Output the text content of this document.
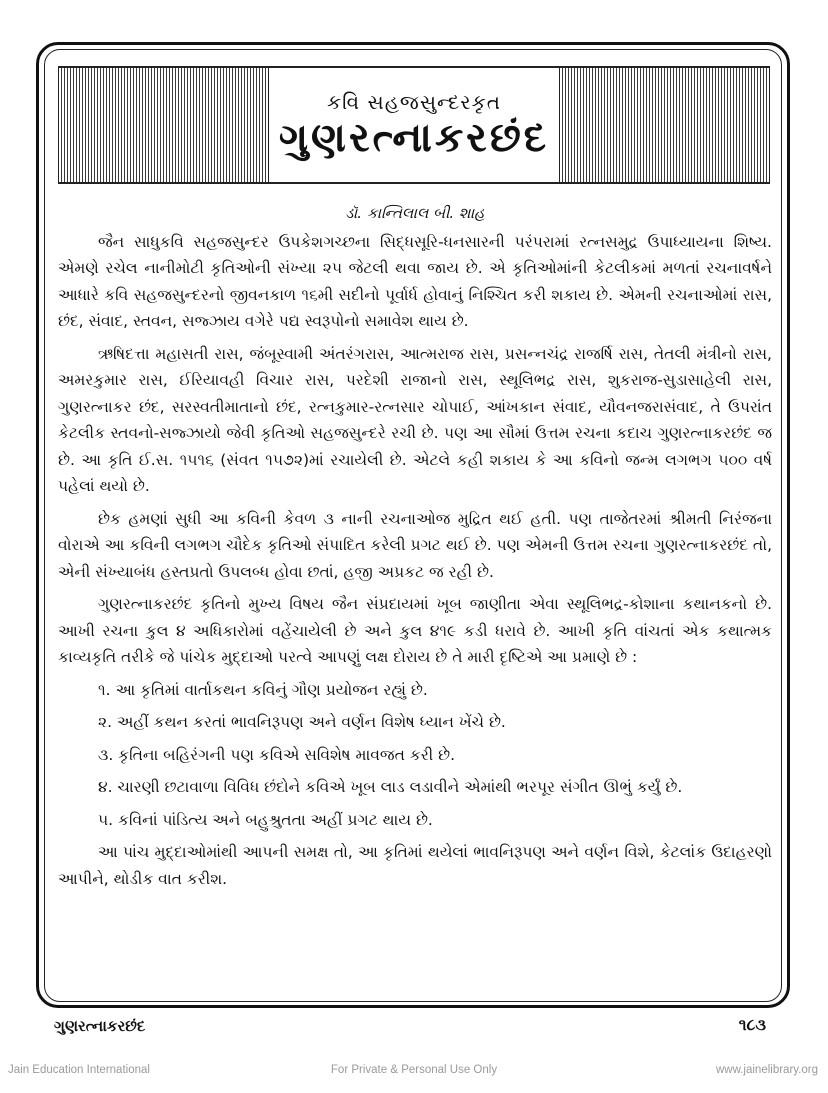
કવિ સહજસુન્દરકૃત
ગુણરત્નાકરછંદ
ડૉ. કાન્તિલાલ બી. શાહ

જૈન સાધુકવિ સહજસુન્દર ઉપકેશગચ્છના સિદ્ધસૂરિ-ધનસારની પરંપરામાં રત્નસમુદ્ર ઉપાધ્યાયના શિષ્ય. એમણે રચેલ નાનીમોટી કૃતિઓની સંખ્યા ૨૫ જેટલી થવા જાય છે. એ કૃતિઓમાંની કેટલીકમાં મળતાં રચનાવર્ષને આધારે કવિ સહજસુન્દરનો જીવનકાળ ૧૬મી સદીનો પૂર્વાર્ધ હોવાનું નિશ્ચિત કરી શકાય છે. એમની રચનાઓમાં રાસ, છંદ, સંવાદ, સ્તવન, સજ્ઝાય વગેરે પદ્ય સ્વરૂપોનો સમાવેશ થાય છે.

ઋષિદત્તા મહાસતી રાસ, જંબૂસ્વામી અંતરંગરાસ, આત્મરાજ રાસ, પ્રસન્નચંદ્ર રાજર્ષિ રાસ, તેતલી મંત્રીનો રાસ, અમરકુમાર રાસ, ઈરિયાવહી વિચાર રાસ, પરદેશી રાજાનો રાસ, સ્થૂલિભદ્ર રાસ, શુકરાજ-સુડાસાહેલી રાસ, ગુણરત્નાકર છંદ, સરસ્વતીમાતાનો છંદ, રત્નકુમાર-રત્નસાર ચોપાઈ, આંખકાન સંવાદ, યૌવનજરાસંવાદ, તે ઉપરાંત કેટલીક સ્તવનો-સજ્ઝાયો જેવી કૃતિઓ સહજસુન્દરે રચી છે. પણ આ સૌમાં ઉત્તમ રચના કદાચ ગુણરત્નાકરછંદ જ છે. આ કૃતિ ઈ.સ. ૧૫૧૬ (સંવત ૧૫૭૨)માં રચાયેલી છે. એટલે કહી શકાય કે આ કવિનો જન્મ લગભગ ૫૦૦ વર્ષ પહેલાં થયો છે.

છેક હમણાં સુધી આ કવિની કેવળ ૩ નાની રચનાઓજ મુદ્રિત થઈ હતી. પણ તાજેતરમાં શ્રીમતી નિરંજના વોરાએ આ કવિની લગભગ ચૌદેક કૃતિઓ સંપાદિત કરેલી પ્રગટ થઈ છે. પણ એમની ઉત્તમ રચના ગુણરત્નાકરછંદ તો, એની સંખ્યાબંધ હસ્તપ્રતો ઉપલબ્ધ હોવા છતાં, હજી અપ્રકટ જ રહી છે.

ગુણરત્નાકરછંદ કૃતિનો મુખ્ય વિષય જૈન સંપ્રદાયમાં ખૂબ જાણીતા એવા સ્થૂલિભદ્ર-કોશાના કથાનકનો છે. આખી રચના કુલ ૪ અધિકારોમાં વહેંચાયેલી છે અને કુલ ૪૧૯ કડી ધરાવે છે. આખી કૃતિ વાંચતાં એક કથાત્મક કાવ્યકૃતિ તરીકે જે પાંચેક મુદ્દાઓ પરત્વે આપણું લક્ષ દોરાય છે તે મારી દૃષ્ટિએ આ પ્રમાણે છે :

૧. આ કૃતિમાં વાર્તાકથન કવિનું ગૌણ પ્રયોજન રહ્યું છે.

૨. અહીં કથન કરતાં ભાવનિરૂપણ અને વર્ણન વિશેષ ધ્યાન ખેંચે છે.

૩. કૃતિના બહિરંગની પણ કવિએ સવિશેષ માવજત કરી છે.

૪. ચારણી છટાવાળા વિવિધ છંદોને કવિએ ખૂબ લાડ લડાવીને એમાંથી ભરપૂર સંગીત ઊભું કર્યું છે.

૫. કવિનાં પાંડિત્ય અને બહુશ્રુતતા અહીં પ્રગટ થાય છે.

આ પાંચ મુદ્દાઓમાંથી આપની સમક્ષ તો, આ કૃતિમાં થયેલાં ભાવનિરૂપણ અને વર્ણન વિશે, કેટલાંક ઉદાહરણો આપીને, થોડીક વાત કરીશ.

ગુણરત્નાકરછંદ	૧૮૩
Jain Education International	For Private & Personal Use Only	www.jainelibrary.org
